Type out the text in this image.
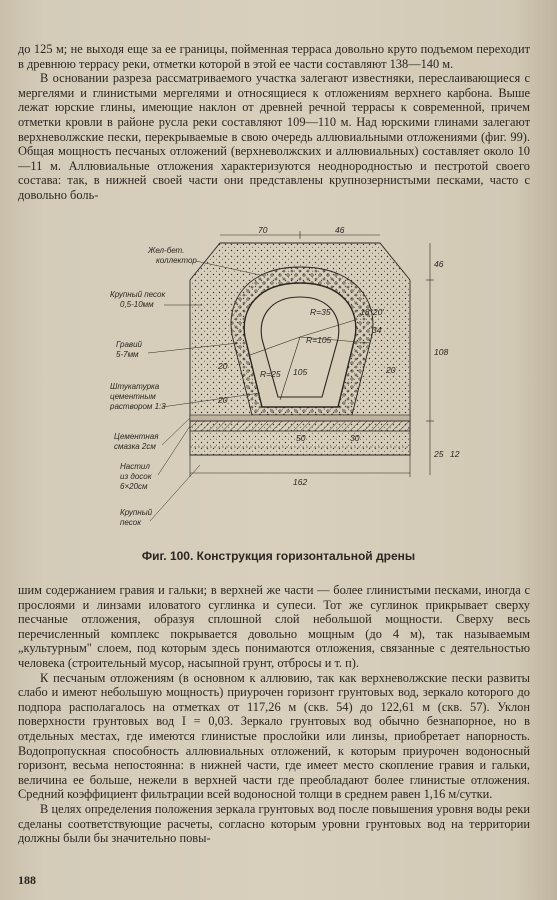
до 125 м; не выходя еще за ее границы, пойменная терраса довольно круто подъемом переходит в древнюю террасу реки, отметки которой в этой ее части составляют 138—140 м.

В основании разреза рассматриваемого участка залегают известняки, переслаивающиеся с мергелями и глинистыми мергелями и относящиеся к отложениям верхнего карбона. Выше лежат юрские глины, имеющие наклон от древней речной террасы к современной, причем отметки кровли в районе русла реки составляют 109—110 м. Над юрскими глинами залегают верхневолжские пески, перекрываемые в свою очередь аллювиальными отложениями (фиг. 99). Общая мощность песчаных отложений (верхневолжских и аллювиальных) составляет около 10—11 м. Аллювиальные отложения характеризуются неоднородностью и пестротой своего состава: так, в нижней своей части они представлены крупнозернистыми песками, часто с довольно боль-

70	46
46
108
25 12
162
20
20
20
R=35
R=105
R=25
18°20'
34
105
50	30
Жел-бет.
коллектор
Крупный песок
0,5-10мм
Гравий
5-7мм
Штукатурка
цементным
раствором 1:3
Цементная
смазка 2см
Настил
из досок
6×20см
Крупный
песок
Фиг. 100. Конструкция горизонтальной дрены

шим содержанием гравия и гальки; в верхней же части — более глинистыми песками, иногда с прослоями и линзами иловатого суглинка и супеси. Тот же суглинок прикрывает сверху песчаные отложения, образуя сплошной слой небольшой мощности. Сверху весь перечисленный комплекс покрывается довольно мощным (до 4 м), так называемым „культурным" слоем, под которым здесь понимаются отложения, связанные с деятельностью человека (строительный мусор, насыпной грунт, отбросы и т. п).

К песчаным отложениям (в основном к аллювию, так как верхневолжские пески развиты слабо и имеют небольшую мощность) приурочен горизонт грунтовых вод, зеркало которого до подпора располагалось на отметках от 117,26 м (скв. 54) до 122,61 м (скв. 57). Уклон поверхности грунтовых вод I = 0,03. Зеркало грунтовых вод обычно безнапорное, но в отдельных местах, где имеются глинистые прослойки или линзы, приобретает напорность. Водопропускная способность аллювиальных отложений, к которым приурочен водоносный горизонт, весьма непостоянна: в нижней части, где имеет место скопление гравия и гальки, величина ее больше, нежели в верхней части где преобладают более глинистые отложения. Средний коэффициент фильтрации всей водоносной толщи в среднем равен 1,16 м/сутки.

В целях определения положения зеркала грунтовых вод после повышения уровня воды реки сделаны соответствующие расчеты, согласно которым уровни грунтовых вод на территории должны были бы значительно повы-

188
